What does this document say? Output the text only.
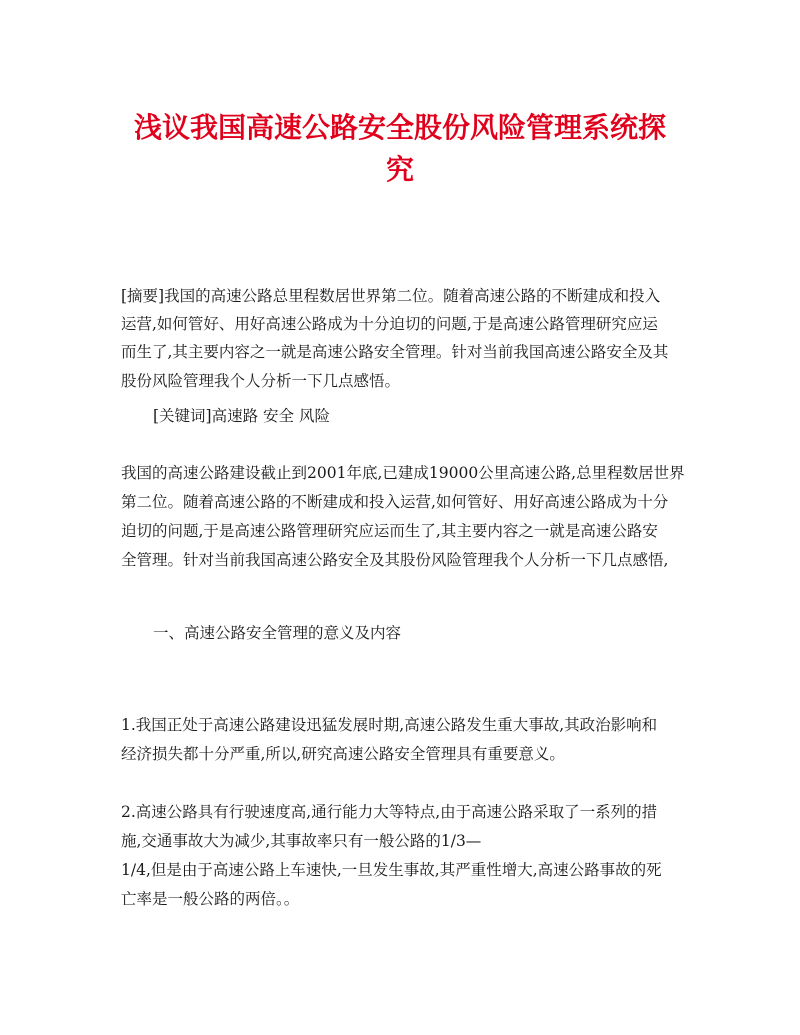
浅议我国高速公路安全股份风险管理系统探
究

[摘要]我国的高速公路总里程数居世界第二位。随着高速公路的不断建成和投入

运营,如何管好、用好高速公路成为十分迫切的问题,于是高速公路管理研究应运

而生了,其主要内容之一就是高速公路安全管理。针对当前我国高速公路安全及其

股份风险管理我个人分析一下几点感悟。

[关键词]高速路 安全 风险

我国的高速公路建设截止到2001年底,已建成19000公里高速公路,总里程数居世界

第二位。随着高速公路的不断建成和投入运营,如何管好、用好高速公路成为十分

迫切的问题,于是高速公路管理研究应运而生了,其主要内容之一就是高速公路安

全管理。针对当前我国高速公路安全及其股份风险管理我个人分析一下几点感悟,

一、高速公路安全管理的意义及内容

1.我国正处于高速公路建设迅猛发展时期,高速公路发生重大事故,其政治影响和

经济损失都十分严重,所以,研究高速公路安全管理具有重要意义。

2.高速公路具有行驶速度高,通行能力大等特点,由于高速公路采取了一系列的措

施,交通事故大为减少,其事故率只有一般公路的1/3—

1/4,但是由于高速公路上车速快,一旦发生事故,其严重性增大,高速公路事故的死

亡率是一般公路的两倍。。
